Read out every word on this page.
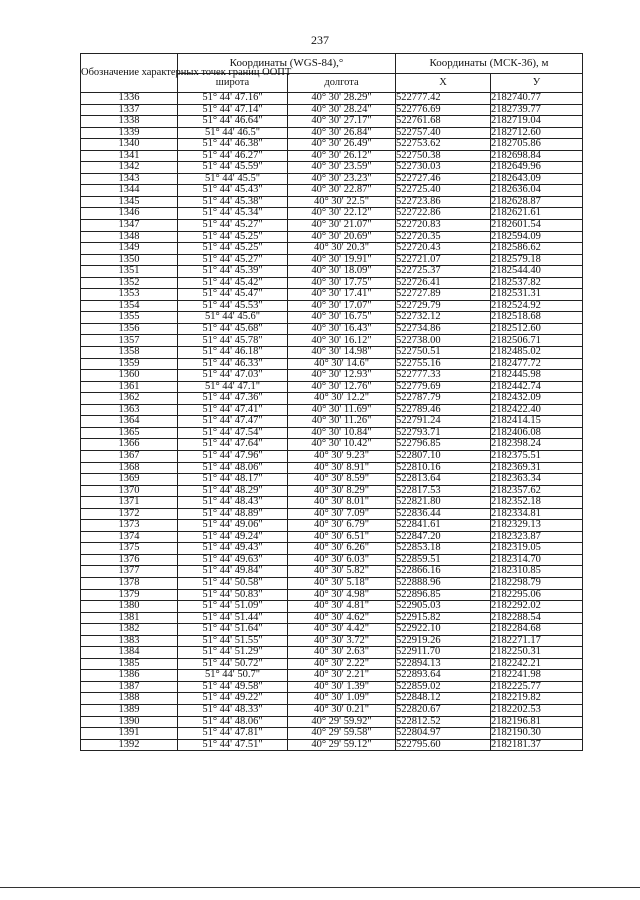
237
Обозначение характерных точек границ ООПТ	Координаты (WGS-84),°		Координаты (МСК-36), м	
	широта	долгота	X	У
1336	51° 44' 47.16"	40° 30' 28.29"	522777.42	2182740.77
1337	51° 44' 47.14"	40° 30' 28.24"	522776.69	2182739.77
1338	51° 44' 46.64"	40° 30' 27.17"	522761.68	2182719.04
1339	51° 44' 46.5"	40° 30' 26.84"	522757.40	2182712.60
1340	51° 44' 46.38"	40° 30' 26.49"	522753.62	2182705.86
1341	51° 44' 46.27"	40° 30' 26.12"	522750.38	2182698.84
1342	51° 44' 45.59"	40° 30' 23.59"	522730.03	2182649.96
1343	51° 44' 45.5"	40° 30' 23.23"	522727.46	2182643.09
1344	51° 44' 45.43"	40° 30' 22.87"	522725.40	2182636.04
1345	51° 44' 45.38"	40° 30' 22.5"	522723.86	2182628.87
1346	51° 44' 45.34"	40° 30' 22.12"	522722.86	2182621.61
1347	51° 44' 45.27"	40° 30' 21.07"	522720.83	2182601.54
1348	51° 44' 45.25"	40° 30' 20.69"	522720.35	2182594.09
1349	51° 44' 45.25"	40° 30' 20.3"	522720.43	2182586.62
1350	51° 44' 45.27"	40° 30' 19.91"	522721.07	2182579.18
1351	51° 44' 45.39"	40° 30' 18.09"	522725.37	2182544.40
1352	51° 44' 45.42"	40° 30' 17.75"	522726.41	2182537.82
1353	51° 44' 45.47"	40° 30' 17.41"	522727.89	2182531.31
1354	51° 44' 45.53"	40° 30' 17.07"	522729.79	2182524.92
1355	51° 44' 45.6"	40° 30' 16.75"	522732.12	2182518.68
1356	51° 44' 45.68"	40° 30' 16.43"	522734.86	2182512.60
1357	51° 44' 45.78"	40° 30' 16.12"	522738.00	2182506.71
1358	51° 44' 46.18"	40° 30' 14.98"	522750.51	2182485.02
1359	51° 44' 46.33"	40° 30' 14.6"	522755.16	2182477.72
1360	51° 44' 47.03"	40° 30' 12.93"	522777.33	2182445.98
1361	51° 44' 47.1"	40° 30' 12.76"	522779.69	2182442.74
1362	51° 44' 47.36"	40° 30' 12.2"	522787.79	2182432.09
1363	51° 44' 47.41"	40° 30' 11.69"	522789.46	2182422.40
1364	51° 44' 47.47"	40° 30' 11.26"	522791.24	2182414.15
1365	51° 44' 47.54"	40° 30' 10.84"	522793.71	2182406.08
1366	51° 44' 47.64"	40° 30' 10.42"	522796.85	2182398.24
1367	51° 44' 47.96"	40° 30' 9.23"	522807.10	2182375.51
1368	51° 44' 48.06"	40° 30' 8.91"	522810.16	2182369.31
1369	51° 44' 48.17"	40° 30' 8.59"	522813.64	2182363.34
1370	51° 44' 48.29"	40° 30' 8.29"	522817.53	2182357.62
1371	51° 44' 48.43"	40° 30' 8.01"	522821.80	2182352.18
1372	51° 44' 48.89"	40° 30' 7.09"	522836.44	2182334.81
1373	51° 44' 49.06"	40° 30' 6.79"	522841.61	2182329.13
1374	51° 44' 49.24"	40° 30' 6.51"	522847.20	2182323.87
1375	51° 44' 49.43"	40° 30' 6.26"	522853.18	2182319.05
1376	51° 44' 49.63"	40° 30' 6.03"	522859.51	2182314.70
1377	51° 44' 49.84"	40° 30' 5.82"	522866.16	2182310.85
1378	51° 44' 50.58"	40° 30' 5.18"	522888.96	2182298.79
1379	51° 44' 50.83"	40° 30' 4.98"	522896.85	2182295.06
1380	51° 44' 51.09"	40° 30' 4.81"	522905.03	2182292.02
1381	51° 44' 51.44"	40° 30' 4.62"	522915.82	2182288.54
1382	51° 44' 51.64"	40° 30' 4.42"	522922.10	2182284.68
1383	51° 44' 51.55"	40° 30' 3.72"	522919.26	2182271.17
1384	51° 44' 51.29"	40° 30' 2.63"	522911.70	2182250.31
1385	51° 44' 50.72"	40° 30' 2.22"	522894.13	2182242.21
1386	51° 44' 50.7"	40° 30' 2.21"	522893.64	2182241.98
1387	51° 44' 49.58"	40° 30' 1.39"	522859.02	2182225.77
1388	51° 44' 49.22"	40° 30' 1.09"	522848.12	2182219.82
1389	51° 44' 48.33"	40° 30' 0.21"	522820.67	2182202.53
1390	51° 44' 48.06"	40° 29' 59.92"	522812.52	2182196.81
1391	51° 44' 47.81"	40° 29' 59.58"	522804.97	2182190.30
1392	51° 44' 47.51"	40° 29' 59.12"	522795.60	2182181.37
